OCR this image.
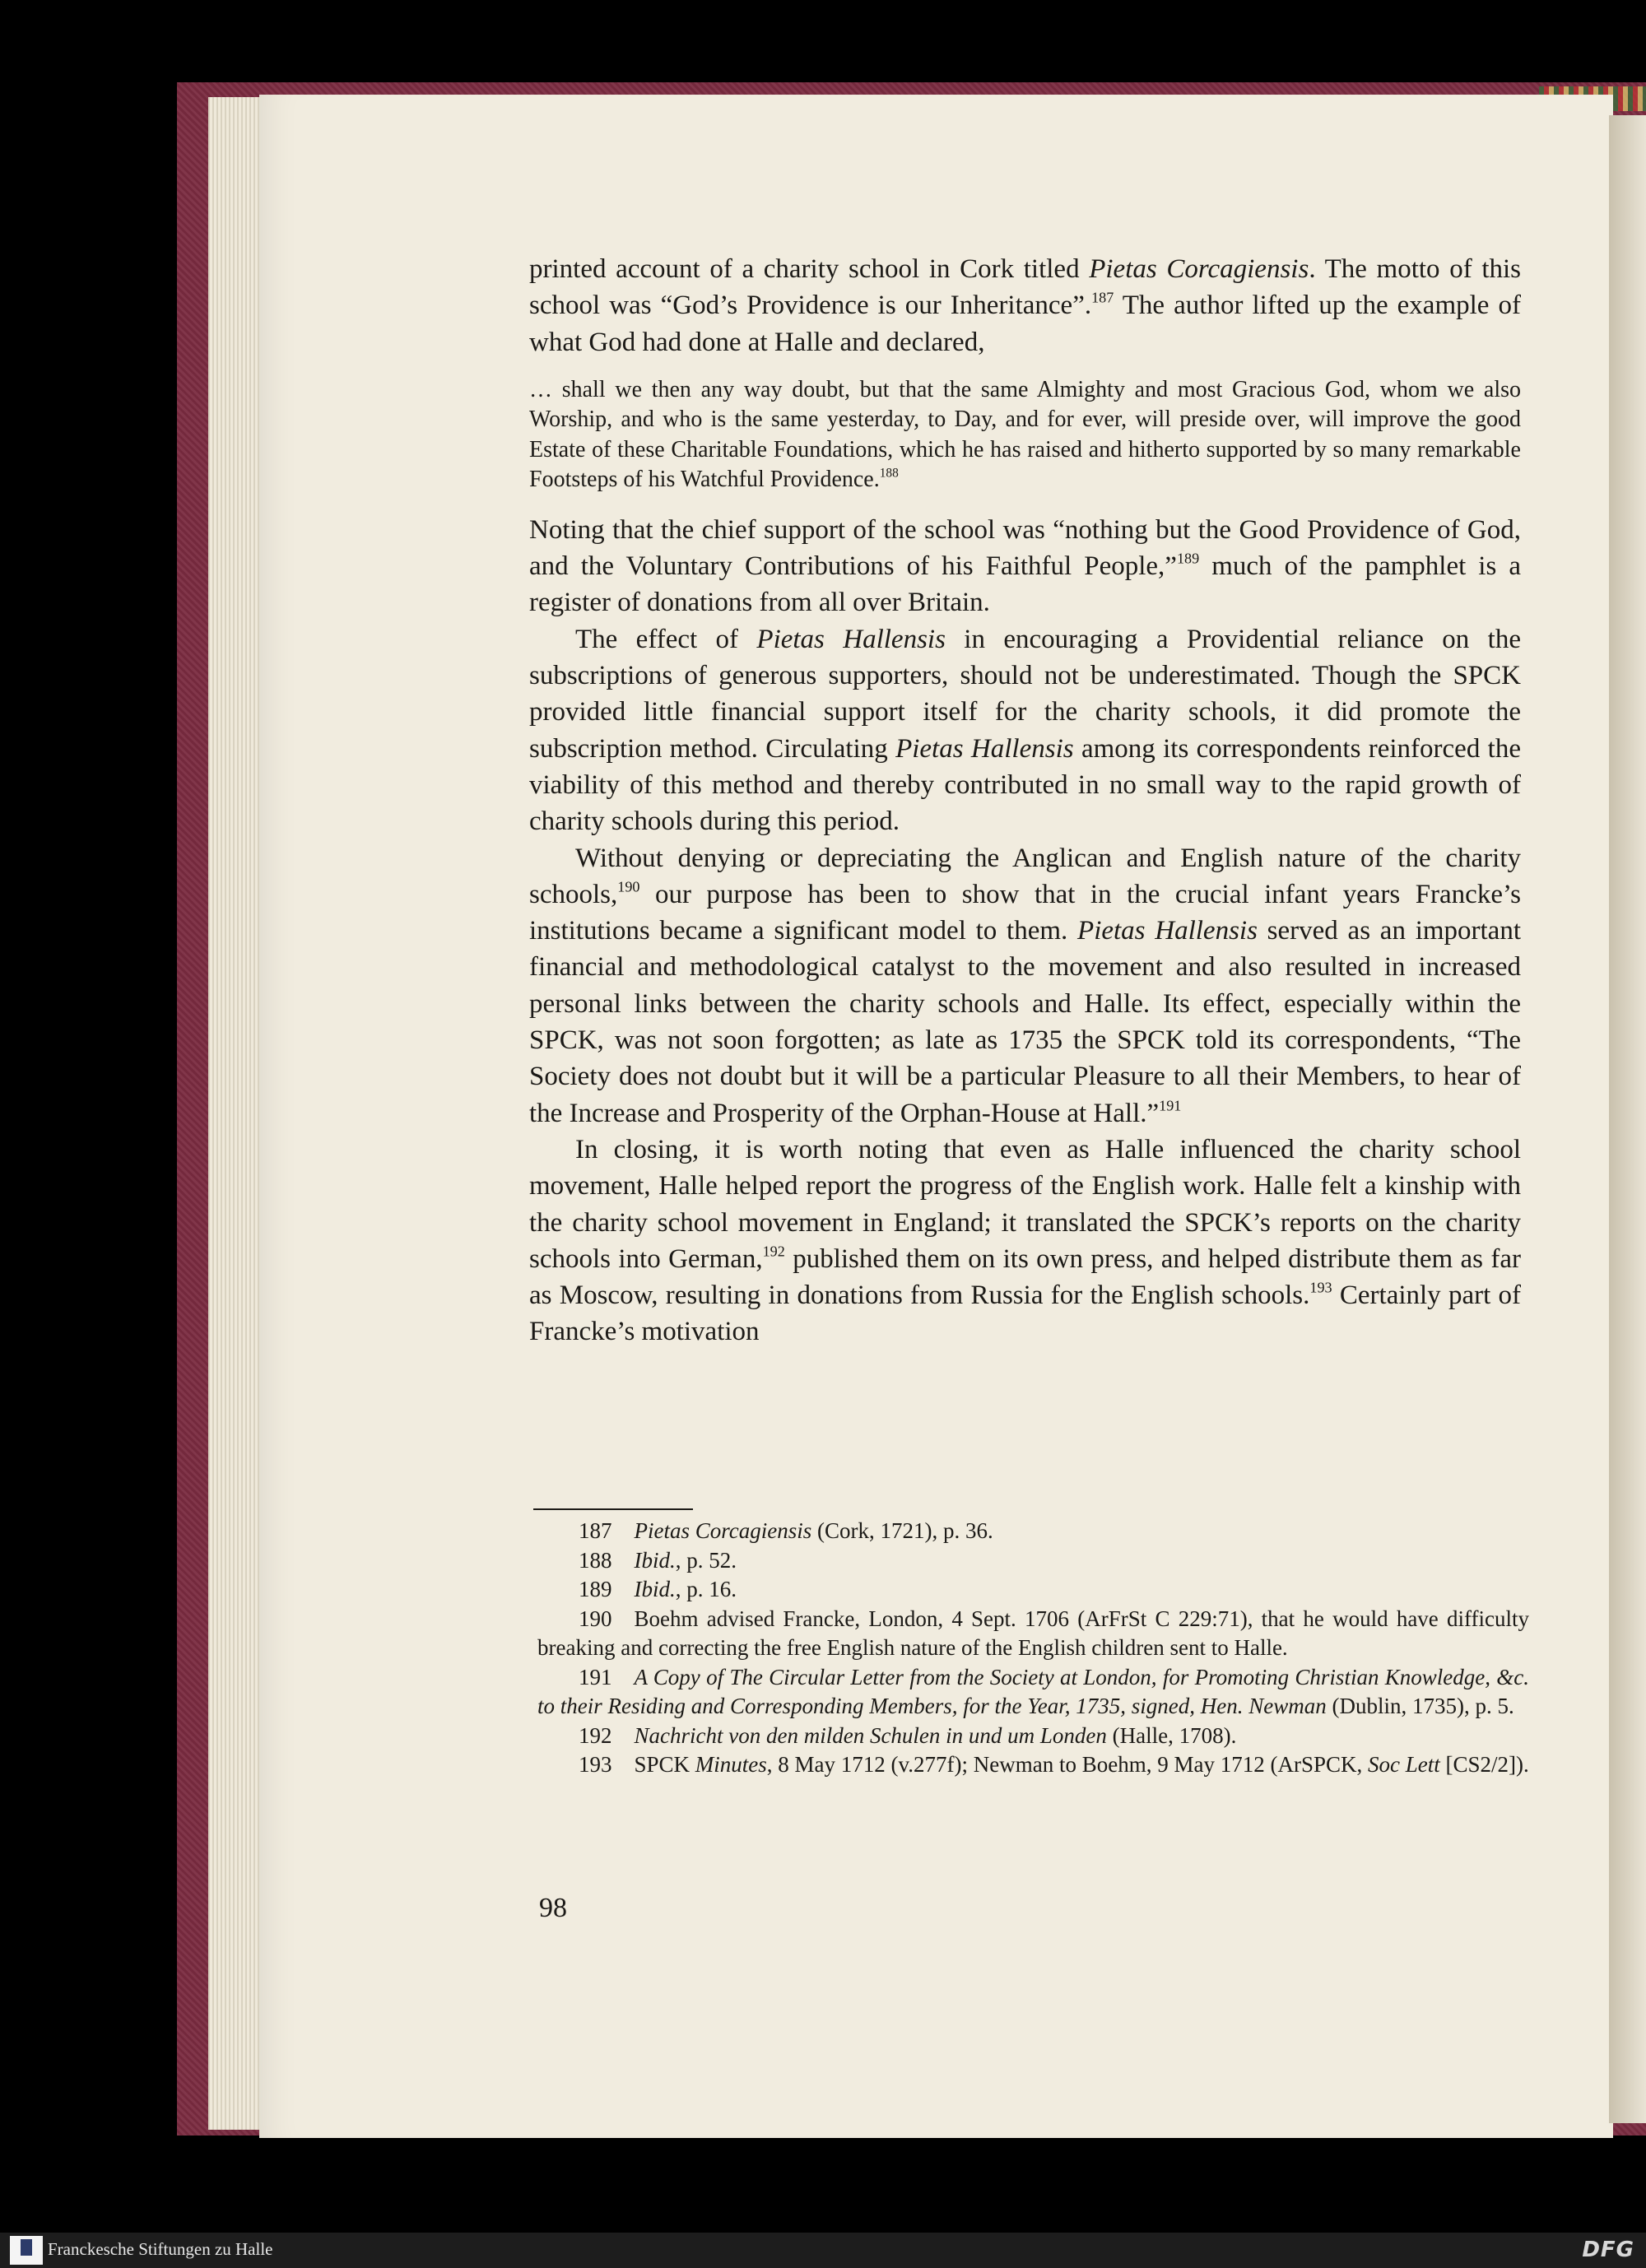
printed account of a charity school in Cork titled Pietas Corcagiensis. The motto of this school was “God’s Providence is our Inheritance”.$^{187}$ The author lifted up the example of what God had done at Halle and declared,

… shall we then any way doubt, but that the same Almighty and most Gracious God, whom we also Worship, and who is the same yesterday, to Day, and for ever, will preside over, will improve the good Estate of these Charitable Foundations, which he has raised and hitherto supported by so many remarkable Footsteps of his Watchful Providence.$^{188}$

Noting that the chief support of the school was “nothing but the Good Providence of God, and the Voluntary Contributions of his Faithful People,”$^{189}$ much of the pamphlet is a register of donations from all over Britain.

The effect of Pietas Hallensis in encouraging a Providential reliance on the subscriptions of generous supporters, should not be underestimated. Though the SPCK provided little financial support itself for the charity schools, it did promote the subscription method. Circulating Pietas Hallensis among its correspondents reinforced the viability of this method and thereby contributed in no small way to the rapid growth of charity schools during this period.

Without denying or depreciating the Anglican and English nature of the charity schools,$^{190}$ our purpose has been to show that in the crucial infant years Francke’s institutions became a significant model to them. Pietas Hallensis served as an important financial and methodological catalyst to the movement and also resulted in increased personal links between the charity schools and Halle. Its effect, especially within the SPCK, was not soon forgotten; as late as 1735 the SPCK told its correspondents, “The Society does not doubt but it will be a particular Pleasure to all their Members, to hear of the Increase and Prosperity of the Orphan-House at Hall.”$^{191}$

In closing, it is worth noting that even as Halle influenced the charity school movement, Halle helped report the progress of the English work. Halle felt a kinship with the charity school movement in England; it translated the SPCK’s reports on the charity schools into German,$^{192}$ published them on its own press, and helped distribute them as far as Moscow, resulting in donations from Russia for the English schools.$^{193}$ Certainly part of Francke’s motivation

187  Pietas Corcagiensis (Cork, 1721), p. 36.

188  Ibid., p. 52.

189  Ibid., p. 16.

190  Boehm advised Francke, London, 4 Sept. 1706 (ArFrSt C 229:71), that he would have difficulty breaking and correcting the free English nature of the English children sent to Halle.

191  A Copy of The Circular Letter from the Society at London, for Promoting Christian Knowledge, &c. to their Residing and Corresponding Members, for the Year, 1735, signed, Hen. Newman (Dublin, 1735), p. 5.

192  Nachricht von den milden Schulen in und um Londen (Halle, 1708).

193  SPCK Minutes, 8 May 1712 (v.277f); Newman to Boehm, 9 May 1712 (ArSPCK, Soc Lett [CS2/2]).

98
Franckesche Stiftungen zu Halle	DFG
